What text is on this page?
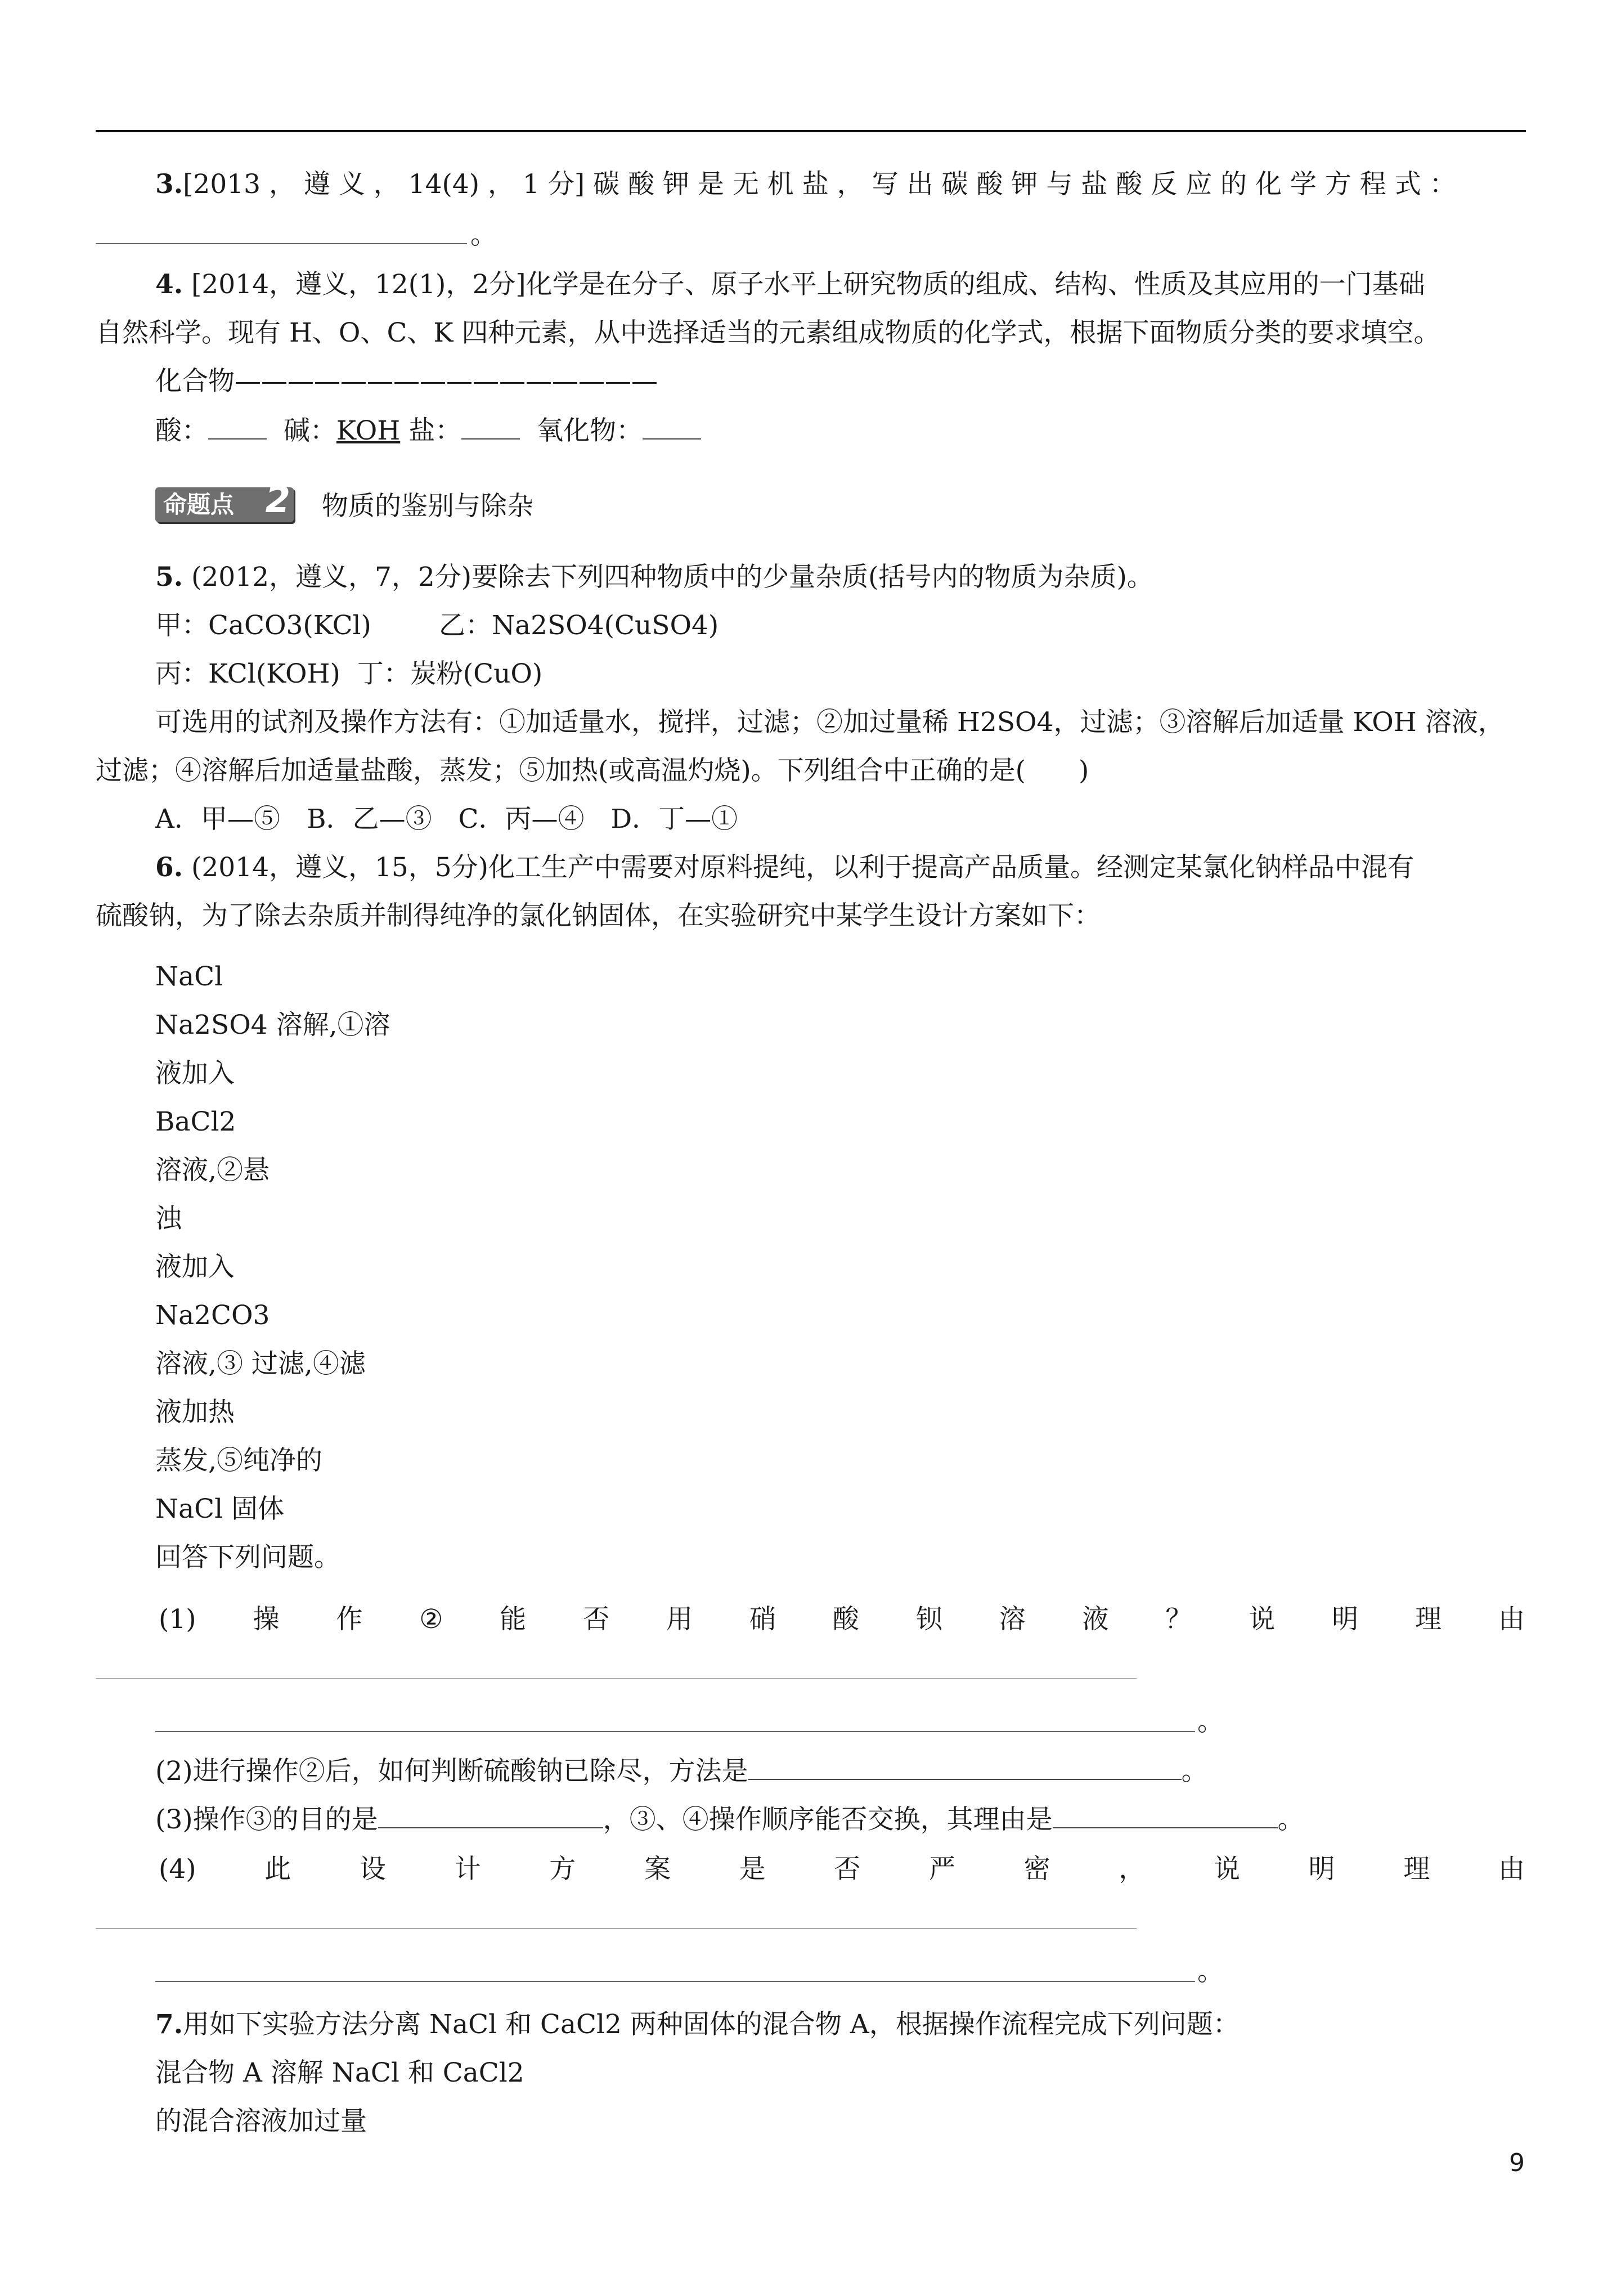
3.[2013 ， 遵 义 ， 14(4) ， 1 分] 碳 酸 钾 是 无 机 盐 ， 写 出 碳 酸 钾 与 盐 酸 反 应 的 化 学 方 程 式 ：
。
4. [2014，遵义，12(1)，2分]化学是在分子、原子水平上研究物质的组成、结构、性质及其应用的一门基础
自然科学。现有 H、O、C、K 四种元素，从中选择适当的元素组成物质的化学式，根据下面物质分类的要求填空。
化合物————————————————
酸：	碱：KOH 盐：	氧化物：
命题点 2 物质的鉴别与除杂
5. (2012，遵义，7，2分)要除去下列四种物质中的少量杂质(括号内的物质为杂质)。
甲：CaCO3(KCl)	乙：Na2SO4(CuSO4)
丙：KCl(KOH)  丁：炭粉(CuO)
可选用的试剂及操作方法有：①加适量水，搅拌，过滤；②加过量稀 H2SO4，过滤；③溶解后加适量 KOH 溶液，
过滤；④溶解后加适量盐酸，蒸发；⑤加热(或高温灼烧)。下列组合中正确的是(　　)
A．甲—⑤　B．乙—③　C．丙—④　D．丁—①
6. (2014，遵义，15，5分)化工生产中需要对原料提纯，以利于提高产品质量。经测定某氯化钠样品中混有
硫酸钠，为了除去杂质并制得纯净的氯化钠固体，在实验研究中某学生设计方案如下：
NaCl
Na2SO4 溶解,①溶
液加入
BaCl2
溶液,②悬
浊
液加入
Na2CO3
溶液,③ 过滤,④滤
液加热
蒸发,⑤纯净的
NaCl 固体
回答下列问题。
(1) 操 作 ② 能 否 用 硝 酸 钡 溶 液 ？ 说 明 理 由
。
(2)进行操作②后，如何判断硫酸钠已除尽，方法是	。
(3)操作③的目的是	，③、④操作顺序能否交换，其理由是	。
(4)	此	设	计	方	案	是	否	严	密	，	说	明	理	由
。
7.用如下实验方法分离 NaCl 和 CaCl2 两种固体的混合物 A，根据操作流程完成下列问题：
混合物 A 溶解 NaCl 和 CaCl2
的混合溶液加过量
9
